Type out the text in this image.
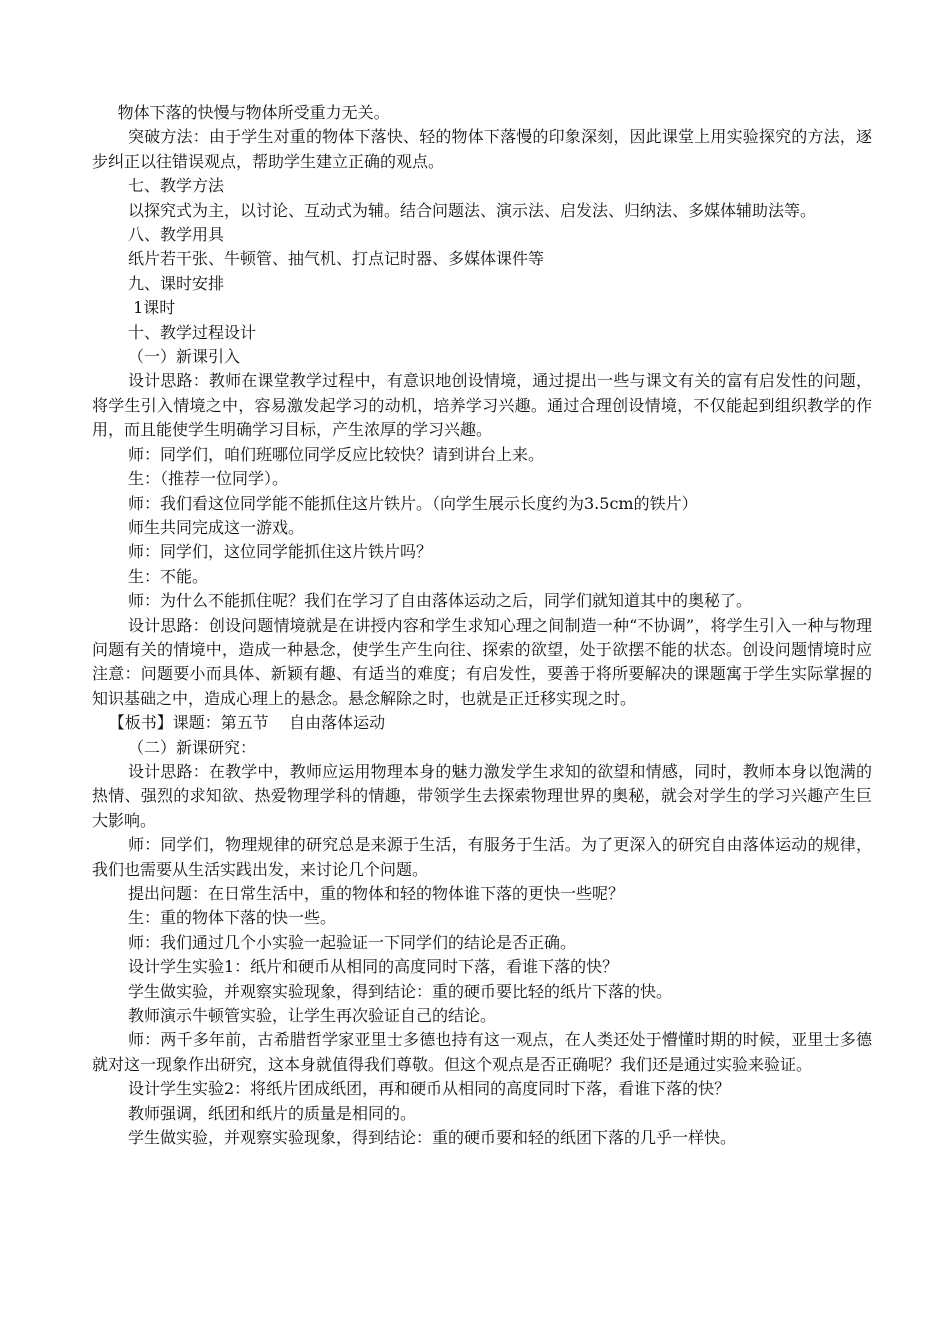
物体下落的快慢与物体所受重力无关。

突破方法：由于学生对重的物体下落快、轻的物体下落慢的印象深刻，因此课堂上用实验探究的方法，逐步纠正以往错误观点，帮助学生建立正确的观点。

七、教学方法

以探究式为主，以讨论、互动式为辅。结合问题法、演示法、启发法、归纳法、多媒体辅助法等。

八、教学用具

纸片若干张、牛顿管、抽气机、打点记时器、多媒体课件等

九、课时安排

1课时

十、教学过程设计

（一）新课引入

设计思路：教师在课堂教学过程中，有意识地创设情境，通过提出一些与课文有关的富有启发性的问题，将学生引入情境之中，容易激发起学习的动机，培养学习兴趣。通过合理创设情境，不仅能起到组织教学的作用，而且能使学生明确学习目标，产生浓厚的学习兴趣。

师：同学们，咱们班哪位同学反应比较快？请到讲台上来。

生：（推荐一位同学）。

师：我们看这位同学能不能抓住这片铁片。（向学生展示长度约为3.5cm的铁片）

师生共同完成这一游戏。

师：同学们，这位同学能抓住这片铁片吗？

生：不能。

师：为什么不能抓住呢？我们在学习了自由落体运动之后，同学们就知道其中的奥秘了。

设计思路：创设问题情境就是在讲授内容和学生求知心理之间制造一种“不协调”，将学生引入一种与物理问题有关的情境中，造成一种悬念，使学生产生向往、探索的欲望，处于欲摆不能的状态。创设问题情境时应注意：问题要小而具体、新颖有趣、有适当的难度；有启发性，要善于将所要解决的课题寓于学生实际掌握的知识基础之中，造成心理上的悬念。悬念解除之时，也就是正迁移实现之时。

【板书】课题：第五节    自由落体运动

（二）新课研究：

设计思路：在教学中，教师应运用物理本身的魅力激发学生求知的欲望和情感，同时，教师本身以饱满的热情、强烈的求知欲、热爱物理学科的情趣，带领学生去探索物理世界的奥秘，就会对学生的学习兴趣产生巨大影响。

师：同学们，物理规律的研究总是来源于生活，有服务于生活。为了更深入的研究自由落体运动的规律，我们也需要从生活实践出发，来讨论几个问题。

提出问题：在日常生活中，重的物体和轻的物体谁下落的更快一些呢？

生：重的物体下落的快一些。

师：我们通过几个小实验一起验证一下同学们的结论是否正确。

设计学生实验1：纸片和硬币从相同的高度同时下落，看谁下落的快？

学生做实验，并观察实验现象，得到结论：重的硬币要比轻的纸片下落的快。

教师演示牛顿管实验，让学生再次验证自己的结论。

师：两千多年前，古希腊哲学家亚里士多德也持有这一观点，在人类还处于懵懂时期的时候，亚里士多德就对这一现象作出研究，这本身就值得我们尊敬。但这个观点是否正确呢？我们还是通过实验来验证。

设计学生实验2：将纸片团成纸团，再和硬币从相同的高度同时下落，看谁下落的快？

教师强调，纸团和纸片的质量是相同的。

学生做实验，并观察实验现象，得到结论：重的硬币要和轻的纸团下落的几乎一样快。
